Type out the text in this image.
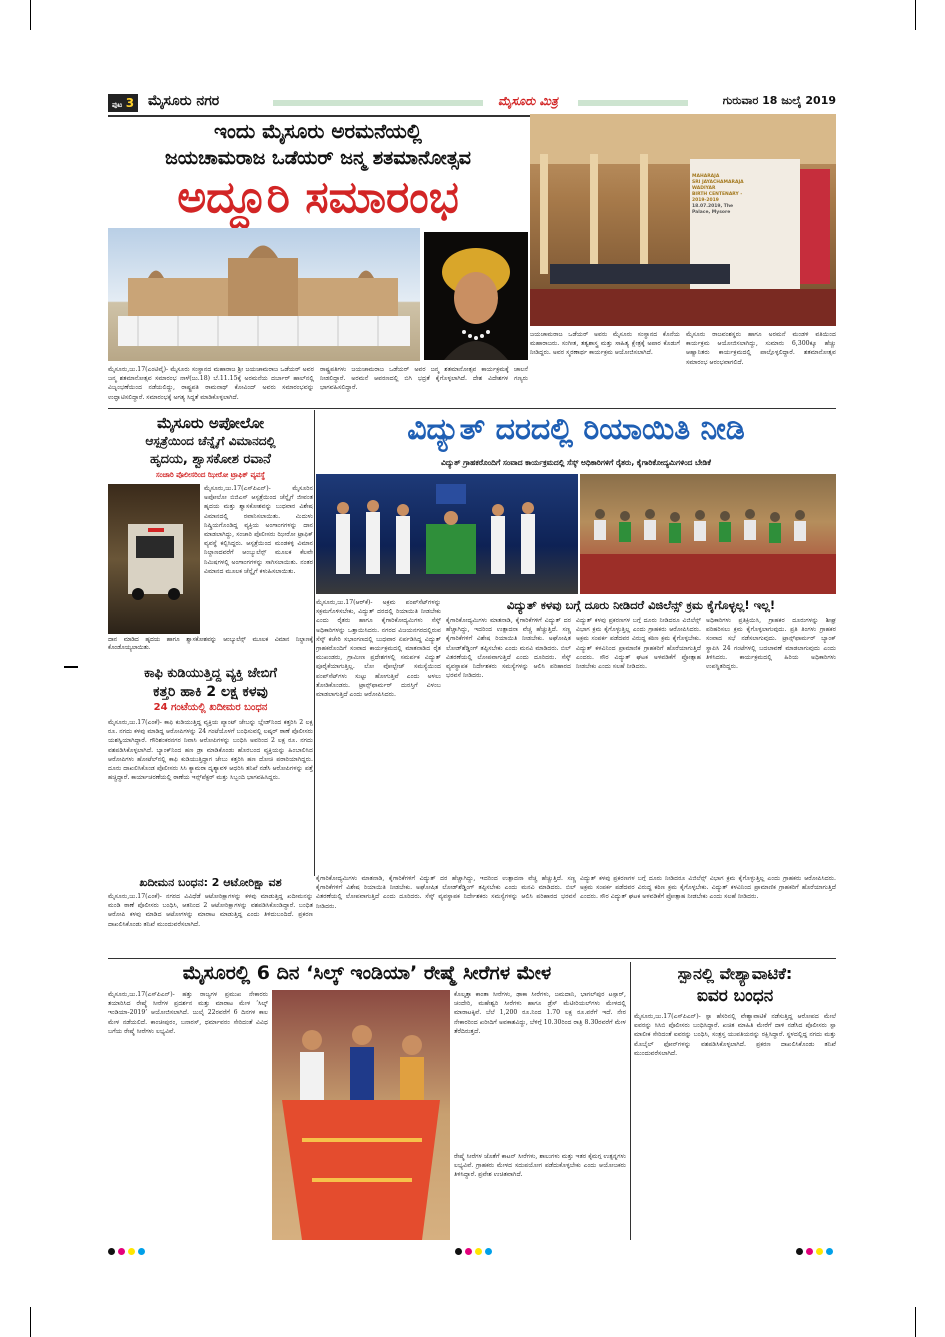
ಪುಟ 3 ಮೈಸೂರು ನಗರ	ಮೈಸೂರು ಮಿತ್ರ	ಗುರುವಾರ 18 ಜುಲೈ 2019
ಇಂದು ಮೈಸೂರು ಅರಮನೆಯಲ್ಲಿ
ಜಯಚಾಮರಾಜ ಒಡೆಯರ್ ಜನ್ಮ ಶತಮಾನೋತ್ಸವ
ಅದ್ದೂರಿ ಸಮಾರಂಭ	MAHARAJA
SRI JAYACHAMARAJA WADIYAR
BIRTH CENTENARY - 2019-2019
18.07.2019, The Palace, Mysore

ಮೈಸೂರು,ಜು.17(ಎಂಟಿವೈ)- ಮೈಸೂರು ಸಂಸ್ಥಾನದ ಮಹಾರಾಜ ಶ್ರೀ ಜಯಚಾಮರಾಜ ಒಡೆಯರ್ ಅವರ ಜನ್ಮ ಶತಮಾನೋತ್ಸವ ಸಮಾರಂಭ ನಾಳೆ(ಜು.18) ಬೆ.11.15ಕ್ಕೆ ಅರಮನೆಯ ದರ್ಬಾರ್ ಹಾಲ್‌ನಲ್ಲಿ ವಿಜೃಂಭಣೆಯಿಂದ ನಡೆಯಲಿದ್ದು, ರಾಷ್ಟ್ರಪತಿ ರಾಮನಾಥ್ ಕೋವಿಂದ್ ಅವರು ಸಮಾರಂಭವನ್ನು ಉದ್ಘಾಟಿಸಲಿದ್ದಾರೆ. ಸಮಾರಂಭಕ್ಕೆ ಅಗತ್ಯ ಸಿದ್ಧತೆ ಮಾಡಿಕೊಳ್ಳಲಾಗಿದೆ.

ರಾಷ್ಟ್ರಪತಿಗಳು ಜಯಚಾಮರಾಜ ಒಡೆಯರ್ ಅವರ ಜನ್ಮ ಶತಮಾನೋತ್ಸವ ಕಾರ್ಯಕ್ರಮಕ್ಕೆ ಚಾಲನೆ ನೀಡಲಿದ್ದಾರೆ. ಅರಮನೆ ಆವರಣದಲ್ಲಿ ಬಿಗಿ ಭದ್ರತೆ ಕೈಗೊಳ್ಳಲಾಗಿದೆ. ದೇಶ ವಿದೇಶಗಳ ಗಣ್ಯರು ಭಾಗವಹಿಸಲಿದ್ದಾರೆ.

ಜಯಚಾಮರಾಜ ಒಡೆಯರ್ ಅವರು ಮೈಸೂರು ಸಂಸ್ಥಾನದ ಕೊನೆಯ ಮಹಾರಾಜರು. ಸಂಗೀತ, ತತ್ವಶಾಸ್ತ್ರ ಮತ್ತು ಸಾಹಿತ್ಯ ಕ್ಷೇತ್ರಕ್ಕೆ ಅಪಾರ ಕೊಡುಗೆ ನೀಡಿದ್ದರು. ಅವರ ಸ್ಮರಣಾರ್ಥ ಕಾರ್ಯಕ್ರಮ ಆಯೋಜಿಸಲಾಗಿದೆ.

ಮೈಸೂರು ರಾಜವಂಶಸ್ಥರು ಹಾಗೂ ಅರಮನೆ ಮಂಡಳಿ ವತಿಯಿಂದ ಕಾರ್ಯಕ್ರಮ ಆಯೋಜಿಸಲಾಗಿದ್ದು, ಸುಮಾರು 6,300ಕ್ಕೂ ಹೆಚ್ಚು ಆಹ್ವಾನಿತರು ಕಾರ್ಯಕ್ರಮದಲ್ಲಿ ಪಾಲ್ಗೊಳ್ಳಲಿದ್ದಾರೆ. ಶತಮಾನೋತ್ಸವ ಸಮಾರಂಭ ಆರಂಭವಾಗಲಿದೆ.

ಮೈಸೂರು ಅಪೋಲೋ
ಆಸ್ಪತ್ರೆಯಿಂದ ಚೆನ್ನೈಗೆ ವಿಮಾನದಲ್ಲಿ
ಹೃದಯ, ಶ್ವಾಸಕೋಶ ರವಾನೆ
ಸಂಚಾರಿ ಪೊಲೀಸರಿಂದ ಝೀರೋ ಟ್ರಾಫಿಕ್ ವ್ಯವಸ್ಥೆ

ಮೈಸೂರು,ಜು.17(ಎಸ್‌ಪಿಎನ್)- ಮೈಸೂರಿನ ಅಪೋಲೋ ಬಿಜಿಎಸ್ ಆಸ್ಪತ್ರೆಯಿಂದ ಚೆನ್ನೈಗೆ ಜೀವಂತ ಹೃದಯ ಮತ್ತು ಶ್ವಾಸಕೋಶವನ್ನು ಬುಧವಾರ ವಿಶೇಷ ವಿಮಾನದಲ್ಲಿ ರವಾನಿಸಲಾಯಿತು. ಮಿದುಳು ನಿಷ್ಕ್ರಿಯಗೊಂಡಿದ್ದ ವ್ಯಕ್ತಿಯ ಅಂಗಾಂಗಗಳನ್ನು ದಾನ ಮಾಡಲಾಗಿದ್ದು, ಸಂಚಾರಿ ಪೊಲೀಸರು ಝೀರೋ ಟ್ರಾಫಿಕ್ ವ್ಯವಸ್ಥೆ ಕಲ್ಪಿಸಿದ್ದರು. ಆಸ್ಪತ್ರೆಯಿಂದ ಮಂಡಕಳ್ಳಿ ವಿಮಾನ ನಿಲ್ದಾಣದವರೆಗೆ ಆಂಬ್ಯುಲೆನ್ಸ್ ಮೂಲಕ ಕೆಲವೇ ನಿಮಿಷಗಳಲ್ಲಿ ಅಂಗಾಂಗಗಳನ್ನು ಸಾಗಿಸಲಾಯಿತು. ನಂತರ ವಿಮಾನದ ಮೂಲಕ ಚೆನ್ನೈಗೆ ಕಳುಹಿಸಲಾಯಿತು.

ದಾನ ಮಾಡಿದ ಹೃದಯ ಹಾಗೂ ಶ್ವಾಸಕೋಶವನ್ನು ಆಂಬ್ಯುಲೆನ್ಸ್ ಮೂಲಕ ವಿಮಾನ ನಿಲ್ದಾಣಕ್ಕೆ ಕೊಂಡೊಯ್ಯಲಾಯಿತು.

ಕಾಫಿ ಕುಡಿಯುತ್ತಿದ್ದ ವ್ಯಕ್ತಿ ಜೇಬಿಗೆ
ಕತ್ತರಿ ಹಾಕಿ 2 ಲಕ್ಷ ಕಳವು
24 ಗಂಟೆಯಲ್ಲಿ ಖದೀಮರ ಬಂಧನ

ಮೈಸೂರು,ಜು.17(ಎಂಕೆ)- ಕಾಫಿ ಕುಡಿಯುತ್ತಿದ್ದ ವ್ಯಕ್ತಿಯ ಪ್ಯಾಂಟ್ ಜೇಬನ್ನು ಬ್ಲೇಡ್‌ನಿಂದ ಕತ್ತರಿಸಿ 2 ಲಕ್ಷ ರೂ. ನಗದು ಕಳವು ಮಾಡಿದ್ದ ಆರೋಪಿಗಳನ್ನು 24 ಗಂಟೆಯೊಳಗೆ ಬಂಧಿಸುವಲ್ಲಿ ಲಷ್ಕರ್ ಠಾಣೆ ಪೊಲೀಸರು ಯಶಸ್ವಿಯಾಗಿದ್ದಾರೆ. ಗೌರಿಶಂಕರನಗರ ನಿವಾಸಿ ಆರೋಪಿಗಳನ್ನು ಬಂಧಿಸಿ ಅವರಿಂದ 2 ಲಕ್ಷ ರೂ. ನಗದು ವಶಪಡಿಸಿಕೊಳ್ಳಲಾಗಿದೆ. ಬ್ಯಾಂಕ್‌ನಿಂದ ಹಣ ಡ್ರಾ ಮಾಡಿಕೊಂಡು ಹೊರಬಂದ ವ್ಯಕ್ತಿಯನ್ನು ಹಿಂಬಾಲಿಸಿದ ಆರೋಪಿಗಳು ಹೋಟೆಲ್‌ನಲ್ಲಿ ಕಾಫಿ ಕುಡಿಯುತ್ತಿದ್ದಾಗ ಜೇಬು ಕತ್ತರಿಸಿ ಹಣ ದೋಚಿ ಪರಾರಿಯಾಗಿದ್ದರು. ದೂರು ದಾಖಲಿಸಿಕೊಂಡ ಪೊಲೀಸರು ಸಿಸಿ ಕ್ಯಾಮರಾ ದೃಶ್ಯಾವಳಿ ಆಧರಿಸಿ ತನಿಖೆ ನಡೆಸಿ ಆರೋಪಿಗಳನ್ನು ಪತ್ತೆ ಹಚ್ಚಿದ್ದಾರೆ. ಕಾರ್ಯಾಚರಣೆಯಲ್ಲಿ ಠಾಣೆಯ ಇನ್ಸ್‌ಪೆಕ್ಟರ್ ಮತ್ತು ಸಿಬ್ಬಂದಿ ಭಾಗವಹಿಸಿದ್ದರು.

ಖದೀಮನ ಬಂಧನ: 2 ಆಟೋರಿಕ್ಷಾ ವಶ

ಮೈಸೂರು,ಜು.17(ಎಂಕೆ)- ನಗರದ ವಿವಿಧೆಡೆ ಆಟೋರಿಕ್ಷಾಗಳನ್ನು ಕಳವು ಮಾಡುತ್ತಿದ್ದ ಖದೀಮನನ್ನು ಮಂಡಿ ಠಾಣೆ ಪೊಲೀಸರು ಬಂಧಿಸಿ, ಆತನಿಂದ 2 ಆಟೋರಿಕ್ಷಾಗಳನ್ನು ವಶಪಡಿಸಿಕೊಂಡಿದ್ದಾರೆ. ಬಂಧಿತ ಆರೋಪಿ ಕಳವು ಮಾಡಿದ ಆಟೋಗಳನ್ನು ಮಾರಾಟ ಮಾಡುತ್ತಿದ್ದ ಎಂದು ತಿಳಿದುಬಂದಿದೆ. ಪ್ರಕರಣ ದಾಖಲಿಸಿಕೊಂಡು ತನಿಖೆ ಮುಂದುವರೆಸಲಾಗಿದೆ.

ವಿದ್ಯುತ್ ದರದಲ್ಲಿ ರಿಯಾಯಿತಿ ನೀಡಿ
ವಿದ್ಯುತ್ ಗ್ರಾಹಕರೊಂದಿಗೆ ಸಂವಾದ ಕಾರ್ಯಕ್ರಮದಲ್ಲಿ ಸೆಸ್ಕ್ ಅಧಿಕಾರಿಗಳಿಗೆ ರೈತರು, ಕೈಗಾರಿಕೋದ್ಯಮಿಗಳಿಂದ ಬೇಡಿಕೆ

ಮೈಸೂರು,ಜು.17(ಆರ್‌ಕೆ)- ಅಕ್ರಮ ಪಂಪ್‌ಸೆಟ್‌ಗಳನ್ನು ಸಕ್ರಮಗೊಳಿಸಬೇಕು, ವಿದ್ಯುತ್ ದರದಲ್ಲಿ ರಿಯಾಯಿತಿ ನೀಡಬೇಕು ಎಂದು ರೈತರು ಹಾಗೂ ಕೈಗಾರಿಕೋದ್ಯಮಿಗಳು ಸೆಸ್ಕ್ ಅಧಿಕಾರಿಗಳನ್ನು ಒತ್ತಾಯಿಸಿದರು. ನಗರದ ವಿಜಯನಗರದಲ್ಲಿರುವ ಸೆಸ್ಕ್ ಕಚೇರಿ ಸಭಾಂಗಣದಲ್ಲಿ ಬುಧವಾರ ಏರ್ಪಡಿಸಿದ್ದ ವಿದ್ಯುತ್ ಗ್ರಾಹಕರೊಂದಿಗೆ ಸಂವಾದ ಕಾರ್ಯಕ್ರಮದಲ್ಲಿ ಮಾತನಾಡಿದ ರೈತ ಮುಖಂಡರು, ಗ್ರಾಮೀಣ ಪ್ರದೇಶಗಳಲ್ಲಿ ಸಮರ್ಪಕ ವಿದ್ಯುತ್ ಪೂರೈಕೆಯಾಗುತ್ತಿಲ್ಲ. ಲೋ ವೋಲ್ಟೇಜ್ ಸಮಸ್ಯೆಯಿಂದ ಪಂಪ್‌ಸೆಟ್‌ಗಳು ಸುಟ್ಟು ಹೋಗುತ್ತಿವೆ ಎಂದು ಅಳಲು ತೋಡಿಕೊಂಡರು. ಟ್ರಾನ್ಸ್‌ಫಾರ್ಮರ್ ದುರಸ್ತಿಗೆ ವಿಳಂಬ ಮಾಡಲಾಗುತ್ತಿದೆ ಎಂದು ಆರೋಪಿಸಿದರು.

ವಿದ್ಯುತ್ ಕಳವು ಬಗ್ಗೆ ದೂರು ನೀಡಿದರೆ ವಿಜಿಲೆನ್ಸ್ ಕ್ರಮ ಕೈಗೊಳ್ಳಲ್ಲ! ಇಲ್ಲ!

ಕೈಗಾರಿಕೋದ್ಯಮಿಗಳು ಮಾತನಾಡಿ, ಕೈಗಾರಿಕೆಗಳಿಗೆ ವಿದ್ಯುತ್ ದರ ಹೆಚ್ಚಾಗಿದ್ದು, ಇದರಿಂದ ಉತ್ಪಾದನಾ ವೆಚ್ಚ ಹೆಚ್ಚುತ್ತಿದೆ. ಸಣ್ಣ ಕೈಗಾರಿಕೆಗಳಿಗೆ ವಿಶೇಷ ರಿಯಾಯಿತಿ ನೀಡಬೇಕು. ಅಘೋಷಿತ ಲೋಡ್‌ಶೆಡ್ಡಿಂಗ್ ತಪ್ಪಿಸಬೇಕು ಎಂದು ಮನವಿ ಮಾಡಿದರು. ಬಿಲ್ ವಿತರಣೆಯಲ್ಲಿ ಲೋಪವಾಗುತ್ತಿದೆ ಎಂದು ದೂರಿದರು. ಸೆಸ್ಕ್ ವ್ಯವಸ್ಥಾಪಕ ನಿರ್ದೇಶಕರು ಸಮಸ್ಯೆಗಳನ್ನು ಆಲಿಸಿ ಪರಿಹಾರದ ಭರವಸೆ ನೀಡಿದರು.

ವಿದ್ಯುತ್ ಕಳವು ಪ್ರಕರಣಗಳ ಬಗ್ಗೆ ದೂರು ನೀಡಿದರೂ ವಿಜಿಲೆನ್ಸ್ ವಿಭಾಗ ಕ್ರಮ ಕೈಗೊಳ್ಳುತ್ತಿಲ್ಲ ಎಂದು ಗ್ರಾಹಕರು ಆರೋಪಿಸಿದರು. ಅಕ್ರಮ ಸಂಪರ್ಕ ಪಡೆದವರ ವಿರುದ್ಧ ಕಠಿಣ ಕ್ರಮ ಕೈಗೊಳ್ಳಬೇಕು. ವಿದ್ಯುತ್ ಕಳವಿನಿಂದ ಪ್ರಾಮಾಣಿಕ ಗ್ರಾಹಕರಿಗೆ ಹೊರೆಯಾಗುತ್ತಿದೆ ಎಂದರು. ಸೌರ ವಿದ್ಯುತ್ ಘಟಕ ಅಳವಡಿಕೆಗೆ ಪ್ರೋತ್ಸಾಹ ನೀಡಬೇಕು ಎಂದು ಸಲಹೆ ನೀಡಿದರು.

ಅಧಿಕಾರಿಗಳು ಪ್ರತಿಕ್ರಿಯಿಸಿ, ಗ್ರಾಹಕರ ದೂರುಗಳನ್ನು ಶೀಘ್ರ ಪರಿಹರಿಸಲು ಕ್ರಮ ಕೈಗೊಳ್ಳಲಾಗುವುದು. ಪ್ರತಿ ತಿಂಗಳು ಗ್ರಾಹಕರ ಸಂವಾದ ಸಭೆ ನಡೆಸಲಾಗುವುದು. ಟ್ರಾನ್ಸ್‌ಫಾರ್ಮರ್ ಬ್ಯಾಂಕ್ ಸ್ಥಾಪಿಸಿ 24 ಗಂಟೆಗಳಲ್ಲಿ ಬದಲಾವಣೆ ಮಾಡಲಾಗುವುದು ಎಂದು ತಿಳಿಸಿದರು. ಕಾರ್ಯಕ್ರಮದಲ್ಲಿ ಹಿರಿಯ ಅಧಿಕಾರಿಗಳು ಉಪಸ್ಥಿತರಿದ್ದರು.

ಕೈಗಾರಿಕೋದ್ಯಮಿಗಳು ಮಾತನಾಡಿ, ಕೈಗಾರಿಕೆಗಳಿಗೆ ವಿದ್ಯುತ್ ದರ ಹೆಚ್ಚಾಗಿದ್ದು, ಇದರಿಂದ ಉತ್ಪಾದನಾ ವೆಚ್ಚ ಹೆಚ್ಚುತ್ತಿದೆ. ಸಣ್ಣ ಕೈಗಾರಿಕೆಗಳಿಗೆ ವಿಶೇಷ ರಿಯಾಯಿತಿ ನೀಡಬೇಕು. ಅಘೋಷಿತ ಲೋಡ್‌ಶೆಡ್ಡಿಂಗ್ ತಪ್ಪಿಸಬೇಕು ಎಂದು ಮನವಿ ಮಾಡಿದರು. ಬಿಲ್ ವಿತರಣೆಯಲ್ಲಿ ಲೋಪವಾಗುತ್ತಿದೆ ಎಂದು ದೂರಿದರು. ಸೆಸ್ಕ್ ವ್ಯವಸ್ಥಾಪಕ ನಿರ್ದೇಶಕರು ಸಮಸ್ಯೆಗಳನ್ನು ಆಲಿಸಿ ಪರಿಹಾರದ ಭರವಸೆ ನೀಡಿದರು.

ವಿದ್ಯುತ್ ಕಳವು ಪ್ರಕರಣಗಳ ಬಗ್ಗೆ ದೂರು ನೀಡಿದರೂ ವಿಜಿಲೆನ್ಸ್ ವಿಭಾಗ ಕ್ರಮ ಕೈಗೊಳ್ಳುತ್ತಿಲ್ಲ ಎಂದು ಗ್ರಾಹಕರು ಆರೋಪಿಸಿದರು. ಅಕ್ರಮ ಸಂಪರ್ಕ ಪಡೆದವರ ವಿರುದ್ಧ ಕಠಿಣ ಕ್ರಮ ಕೈಗೊಳ್ಳಬೇಕು. ವಿದ್ಯುತ್ ಕಳವಿನಿಂದ ಪ್ರಾಮಾಣಿಕ ಗ್ರಾಹಕರಿಗೆ ಹೊರೆಯಾಗುತ್ತಿದೆ ಎಂದರು. ಸೌರ ವಿದ್ಯುತ್ ಘಟಕ ಅಳವಡಿಕೆಗೆ ಪ್ರೋತ್ಸಾಹ ನೀಡಬೇಕು ಎಂದು ಸಲಹೆ ನೀಡಿದರು.

ಮೈಸೂರಲ್ಲಿ 6 ದಿನ ‘ಸಿಲ್ಕ್ ಇಂಡಿಯಾ’ ರೇಷ್ಮೆ ಸೀರೆಗಳ ಮೇಳ

ಮೈಸೂರು,ಜು.17(ಎಸ್‌ಪಿಎನ್)- ಹತ್ತು ರಾಜ್ಯಗಳ ಪ್ರಮುಖ ನೇಕಾರರು ತಯಾರಿಸಿದ ರೇಷ್ಮೆ ಸೀರೆಗಳ ಪ್ರದರ್ಶನ ಮತ್ತು ಮಾರಾಟ ಮೇಳ ‘ಸಿಲ್ಕ್ ಇಂಡಿಯಾ-2019’ ಆಯೋಜಿಸಲಾಗಿದೆ. ಜುಲೈ 22ರವರೆಗೆ 6 ದಿನಗಳ ಕಾಲ ಮೇಳ ನಡೆಯಲಿದೆ. ಕಾಂಚೀಪುರಂ, ಬನಾರಸ್, ಧರ್ಮಾವರಂ ಸೇರಿದಂತೆ ವಿವಿಧ ಬಗೆಯ ರೇಷ್ಮೆ ಸೀರೆಗಳು ಲಭ್ಯವಿವೆ.

ಕೊಲ್ಕತ್ತಾ ಕಾಂತಾ ಸೀರೆಗಳು, ಢಾಕಾ ಸೀರೆಗಳು, ಜಮದಾನಿ, ಭಾಗಲ್‌ಪುರ ಟಸ್ಸಾರ್, ಚಂದೇರಿ, ಮಹೇಶ್ವರಿ ಸೀರೆಗಳು ಹಾಗೂ ಡ್ರೆಸ್ ಮೆಟೀರಿಯಲ್‌ಗಳು ಮೇಳದಲ್ಲಿ ಮಾರಾಟಕ್ಕಿವೆ. ಬೆಲೆ 1,200 ರೂ.ನಿಂದ 1.70 ಲಕ್ಷ ರೂ.ವರೆಗೆ ಇದೆ. ನೇರ ನೇಕಾರರಿಂದ ಖರೀದಿಗೆ ಅವಕಾಶವಿದ್ದು, ಬೆಳಿಗ್ಗೆ 10.30ರಿಂದ ರಾತ್ರಿ 8.30ರವರೆಗೆ ಮೇಳ ತೆರೆದಿರುತ್ತದೆ.

ರೇಷ್ಮೆ ಸೀರೆಗಳ ಜೊತೆಗೆ ಕಾಟನ್ ಸೀರೆಗಳು, ಶಾಲುಗಳು ಮತ್ತು ಇತರ ಕೈಮಗ್ಗ ಉತ್ಪನ್ನಗಳು ಲಭ್ಯವಿವೆ. ಗ್ರಾಹಕರು ಮೇಳದ ಸದುಪಯೋಗ ಪಡೆದುಕೊಳ್ಳಬೇಕು ಎಂದು ಆಯೋಜಕರು ತಿಳಿಸಿದ್ದಾರೆ. ಪ್ರವೇಶ ಉಚಿತವಾಗಿದೆ.

ಸ್ಪಾನಲ್ಲಿ ವೇಶ್ಯಾವಾಟಿಕೆ:
ಐವರ ಬಂಧನ

ಮೈಸೂರು,ಜು.17(ಎಸ್‌ಪಿಎನ್)- ಸ್ಪಾ ಹೆಸರಿನಲ್ಲಿ ವೇಶ್ಯಾವಾಟಿಕೆ ನಡೆಸುತ್ತಿದ್ದ ಆರೋಪದ ಮೇಲೆ ಐವರನ್ನು ಸಿಸಿಬಿ ಪೊಲೀಸರು ಬಂಧಿಸಿದ್ದಾರೆ. ಖಚಿತ ಮಾಹಿತಿ ಮೇರೆಗೆ ದಾಳಿ ನಡೆಸಿದ ಪೊಲೀಸರು ಸ್ಪಾ ಮಾಲೀಕ ಸೇರಿದಂತೆ ಐವರನ್ನು ಬಂಧಿಸಿ, ಸಂತ್ರಸ್ತ ಯುವತಿಯರನ್ನು ರಕ್ಷಿಸಿದ್ದಾರೆ. ಸ್ಥಳದಲ್ಲಿದ್ದ ನಗದು ಮತ್ತು ಮೊಬೈಲ್ ಫೋನ್‌ಗಳನ್ನು ವಶಪಡಿಸಿಕೊಳ್ಳಲಾಗಿದೆ. ಪ್ರಕರಣ ದಾಖಲಿಸಿಕೊಂಡು ತನಿಖೆ ಮುಂದುವರೆಸಲಾಗಿದೆ.
